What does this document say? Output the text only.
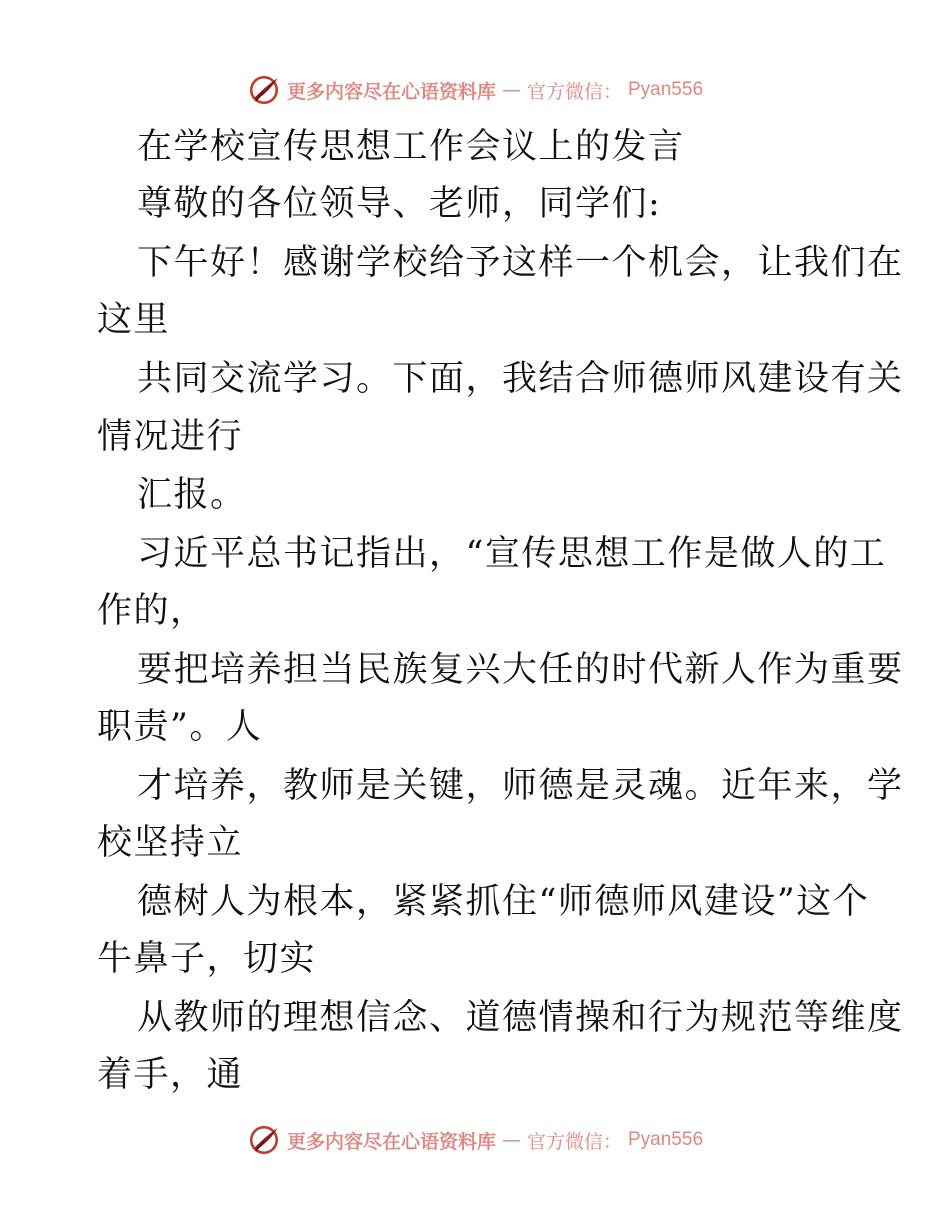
更多内容尽在心语资料库 — 官方微信： Pyan556
在学校宣传思想工作会议上的发言
尊敬的各位领导、老师，同学们:
下午好！感谢学校给予这样一个机会，让我们在
这里
共同交流学习。下面，我结合师德师风建设有关
情况进行
汇报。
习近平总书记指出，“宣传思想工作是做人的工
作的，
要把培养担当民族复兴大任的时代新人作为重要
职责”。人
才培养，教师是关键，师德是灵魂。近年来，学
校坚持立
德树人为根本，紧紧抓住“师德师风建设”这个
牛鼻子，切实
从教师的理想信念、道德情操和行为规范等维度
着手，通
更多内容尽在心语资料库 — 官方微信： Pyan556
